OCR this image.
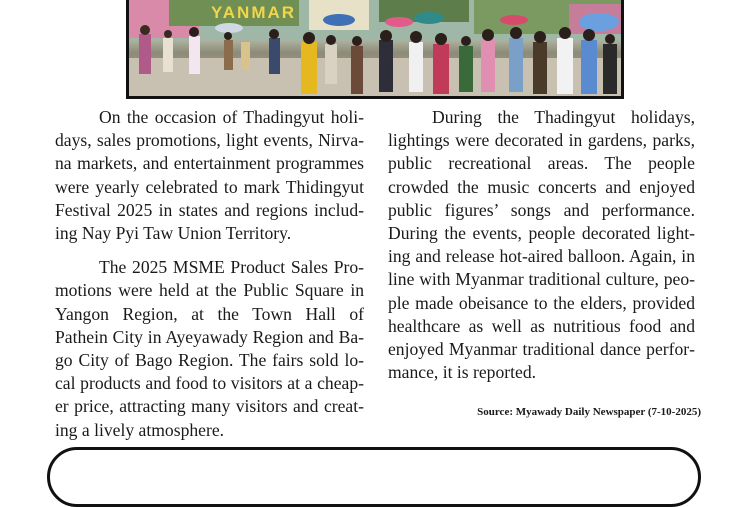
YANMAR

On the occasion of Thadingyut holidays, sales promotions, light events, Nirvana markets, and entertainment programmes were yearly celebrated to mark Thidingyut Festival 2025 in states and regions including Nay Pyi Taw Union Territory.

The 2025 MSME Product Sales Promotions were held at the Public Square in Yangon Region, at the Town Hall of Pathein City in Ayeyawady Region and Bago City of Bago Region. The fairs sold local products and food to visitors at a cheaper price, attracting many visitors and creating a lively atmosphere.

During the Thadingyut holidays, lightings were decorated in gardens, parks, public recreational areas. The people crowded the music concerts and enjoyed public figures’ songs and performance. During the events, people decorated lighting and release hot-aired balloon. Again, in line with Myanmar traditional culture, people made obeisance to the elders, provided healthcare as well as nutritious food and enjoyed Myanmar traditional dance performance, it is reported.

Source: Myawady Daily Newspaper (7-10-2025)
